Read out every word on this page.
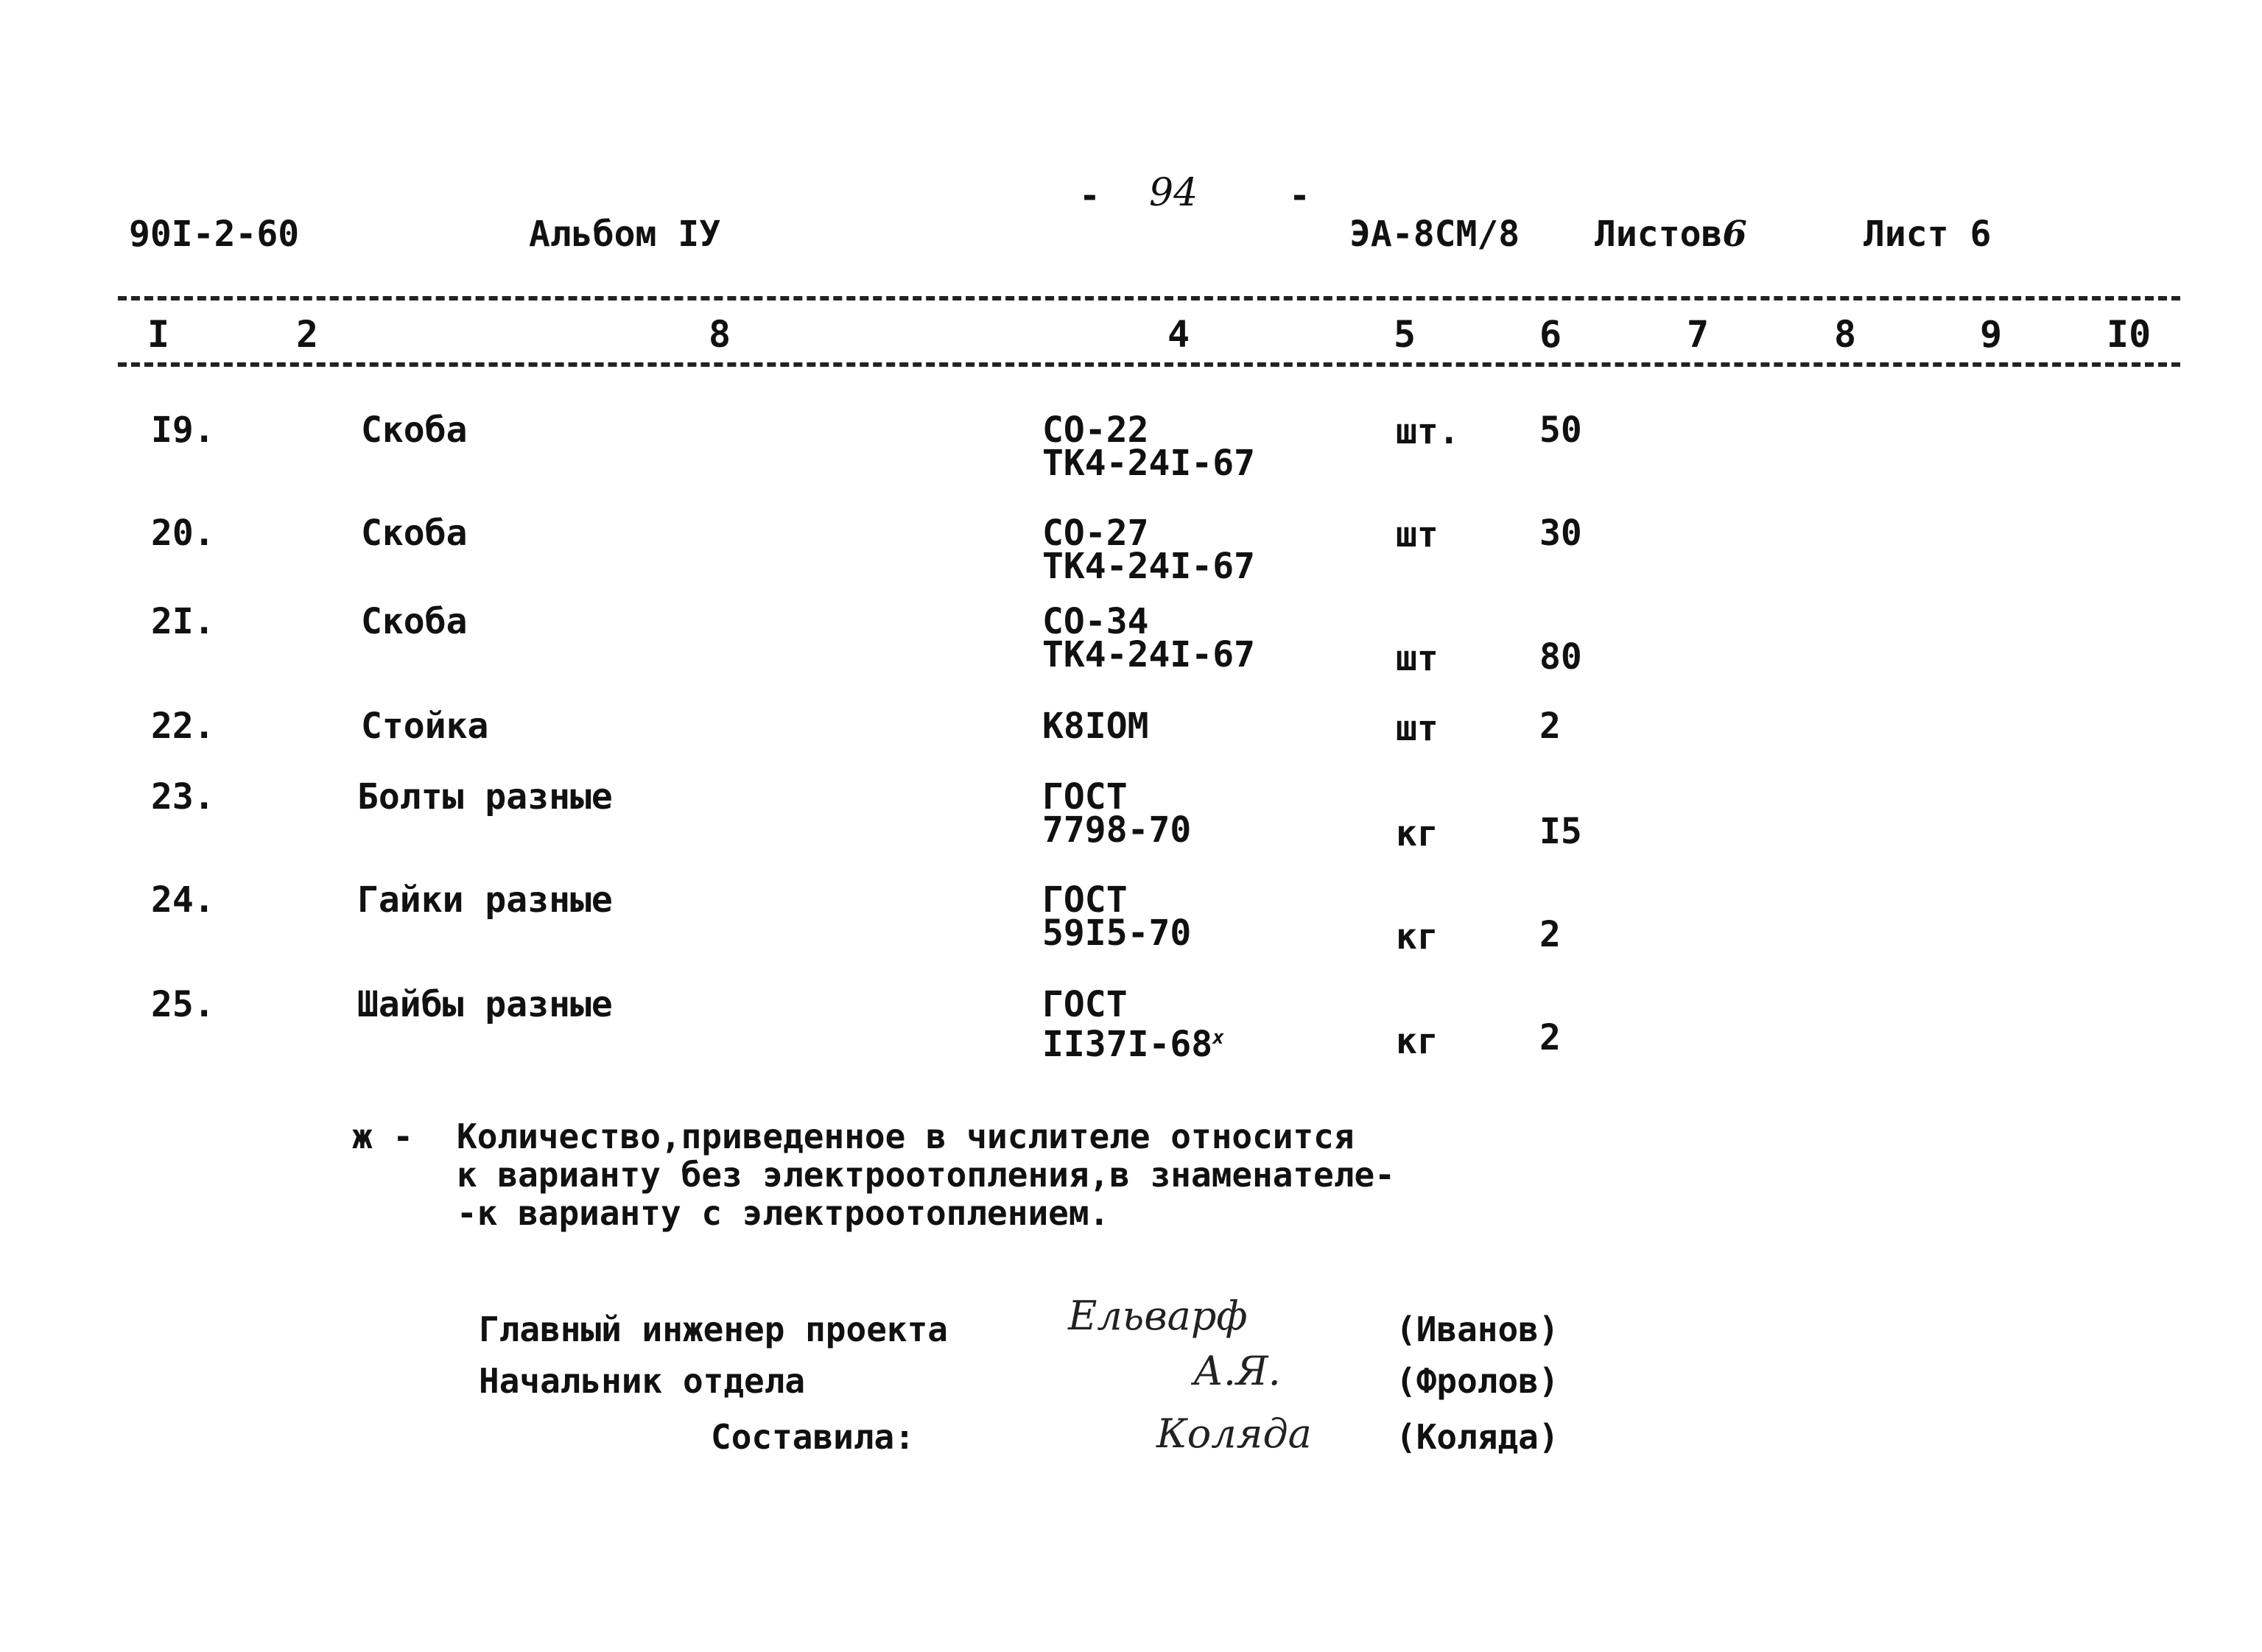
90I-2-60	Альбом IУ
- 94	-
ЭА-8СМ/8 Листов6	Лист 6
I	2	8	4	5	6	7	8	9	I0
I9.	Скоба	СО-22
ТК4-24I-67
шт. 50
20.	Скоба	СО-27
ТК4-24I-67
шт	30
2I.	Скоба	СО-34
ТК4-24I-67	шт	80
22.	Стойка	К8IОМ	шт	2
23.	Болты разные	ГОСТ
7798-70	кг	I5
24.	Гайки разные	ГОСТ
59I5-70	кг	2
25.	Шайбы разные	ГОСТ
II37I-68$^x$	кг	2
ж - Количество,приведенное в числителе относится
к варианту без электроотопления,в знаменателе-
-к варианту с электроотоплением.
Главный инженер проекта	Ельварф	(Иванов)
Начальник отдела	А.Я.	(Фролов)
Составила:	Коляда (Коляда)
